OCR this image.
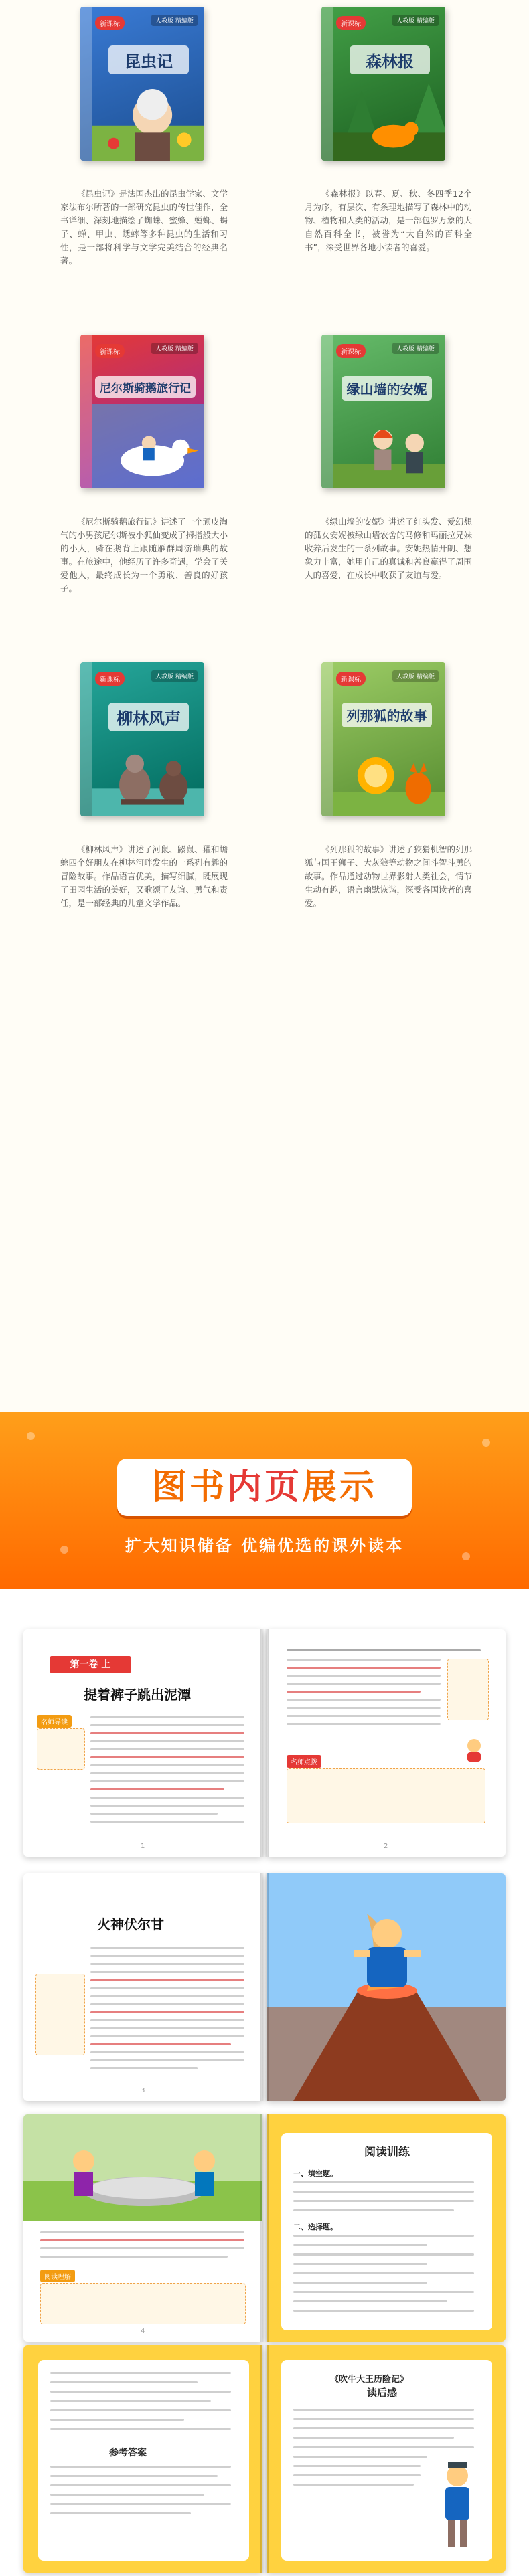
新课标	人教版 精编版
昆虫记
《昆虫记》是法国杰出的昆虫学家、文学家法布尔所著的一部研究昆虫的传世佳作，全书详细、深刻地描绘了蜘蛛、蜜蜂、螳螂、蝎子、蝉、甲虫、蟋蟀等多种昆虫的生活和习性，是一部将科学与文学完美结合的经典名著。
新课标	人教版 精编版
森林报
《森林报》以春、夏、秋、冬四季12个月为序，有层次、有条理地描写了森林中的动物、植物和人类的活动，是一部包罗万象的大自然百科全书，被誉为“大自然的百科全书”，深受世界各地小读者的喜爱。
新课标	人教版 精编版
尼尔斯骑鹅旅行记
《尼尔斯骑鹅旅行记》讲述了一个顽皮淘气的小男孩尼尔斯被小狐仙变成了拇指般大小的小人，骑在鹅背上跟随雁群周游瑞典的故事。在旅途中，他经历了许多奇遇，学会了关爱他人，最终成长为一个勇敢、善良的好孩子。
新课标	人教版 精编版
绿山墙的安妮
《绿山墙的安妮》讲述了红头发、爱幻想的孤女安妮被绿山墙农舍的马修和玛丽拉兄妹收养后发生的一系列故事。安妮热情开朗、想象力丰富，她用自己的真诚和善良赢得了周围人的喜爱，在成长中收获了友谊与爱。
新课标	人教版 精编版
柳林风声
《柳林风声》讲述了河鼠、鼹鼠、獾和蟾蜍四个好朋友在柳林河畔发生的一系列有趣的冒险故事。作品语言优美，描写细腻，既展现了田园生活的美好，又歌颂了友谊、勇气和责任，是一部经典的儿童文学作品。
新课标	人教版 精编版
列那狐的故事
《列那狐的故事》讲述了狡猾机智的列那狐与国王狮子、大灰狼等动物之间斗智斗勇的故事。作品通过动物世界影射人类社会，情节生动有趣，语言幽默诙谐，深受各国读者的喜爱。
图书内页展示
扩大知识储备 优编优选的课外读本
第一卷 上
提着裤子跳出泥潭
名师导读
1
名师点拨
2
火神伏尔甘
3
阅读理解
4
阅读训练
一、填空题。
二、选择题。
参考答案
《吹牛大王历险记》
读后感
